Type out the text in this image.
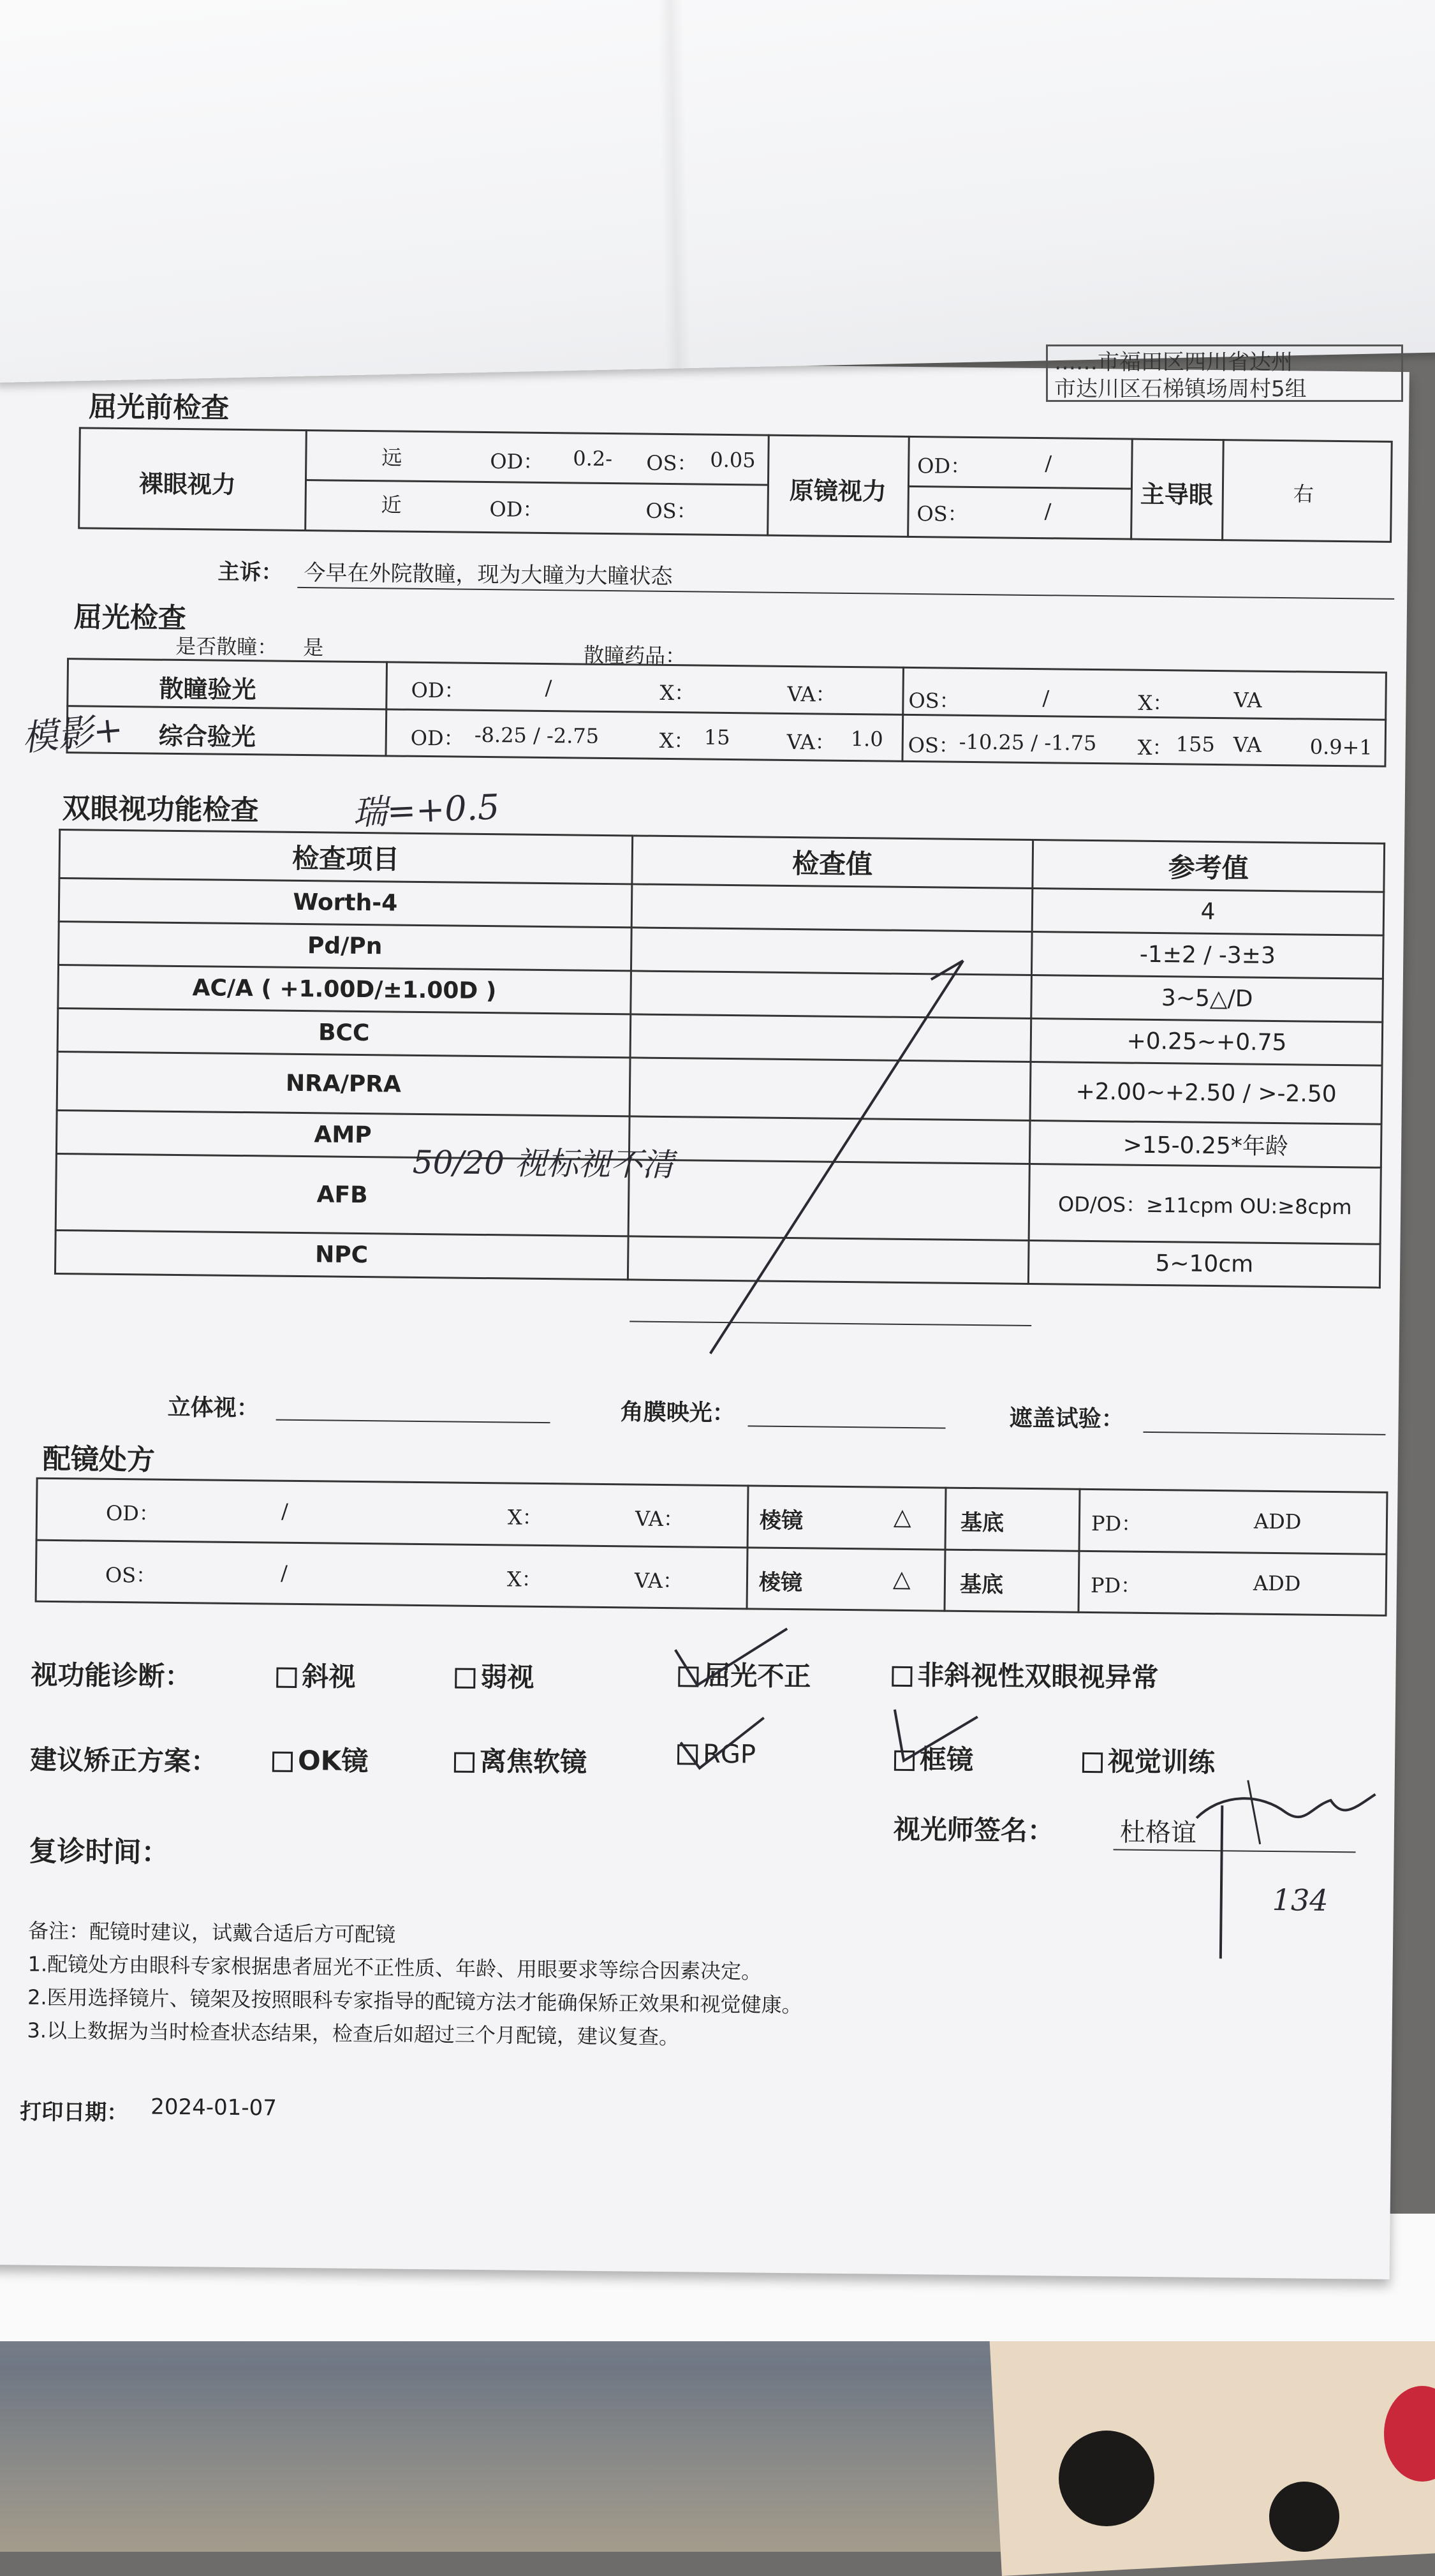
……市福田区四川省达州
市达川区石梯镇场周村5组
屈光前检查
裸眼视力
远	OD： 0.2- OS： 0.05
近	OD：	OS：
原镜视力
OD：	/
OS：	/
主导眼	右
主诉： 今早在外院散瞳，现为大瞳为大瞳状态
屈光检查
是否散瞳： 是	散瞳药品：
散瞳验光	OD：	/	X：	VA：	OS：	/	X：	VA
综合验光	OD： -8.25 / -2.75	X： 15	VA： 1.0 OS： -10.25 / -1.75 X： 155 VA 0.9+1
模影+
双眼视功能检查	瑞=+0.5
检查项目	检查值	参考值
Worth-4		4
Pd/Pn		-1±2 / -3±3
AC/A ( +1.00D/±1.00D )		3~5△/D
BCC		+0.25~+0.75
NRA/PRA		+2.00~+2.50 / >-2.50
AMP		>15-0.25*年龄
AFB		OD/OS：≥11cpm OU:≥8cpm
NPC		5~10cm
50/20 视标视不清
立体视：	角膜映光：	遮盖试验：
配镜处方
OD：	/	X：	VA：	棱镜	△ 基底	PD：	ADD
OS：	/	X：	VA：	棱镜	△ 基底	PD：	ADD
视功能诊断：	斜视	弱视	屈光不正	非斜视性双眼视异常
建议矫正方案：	OK镜	离焦软镜	RGP	框镜	视觉训练
复诊时间：
视光师签名：	杜格谊
134
备注：配镜时建议，试戴合适后方可配镜
1.配镜处方由眼科专家根据患者屈光不正性质、年龄、用眼要求等综合因素决定。
2.医用选择镜片、镜架及按照眼科专家指导的配镜方法才能确保矫正效果和视觉健康。
3.以上数据为当时检查状态结果，检查后如超过三个月配镜，建议复查。
打印日期： 2024-01-07
